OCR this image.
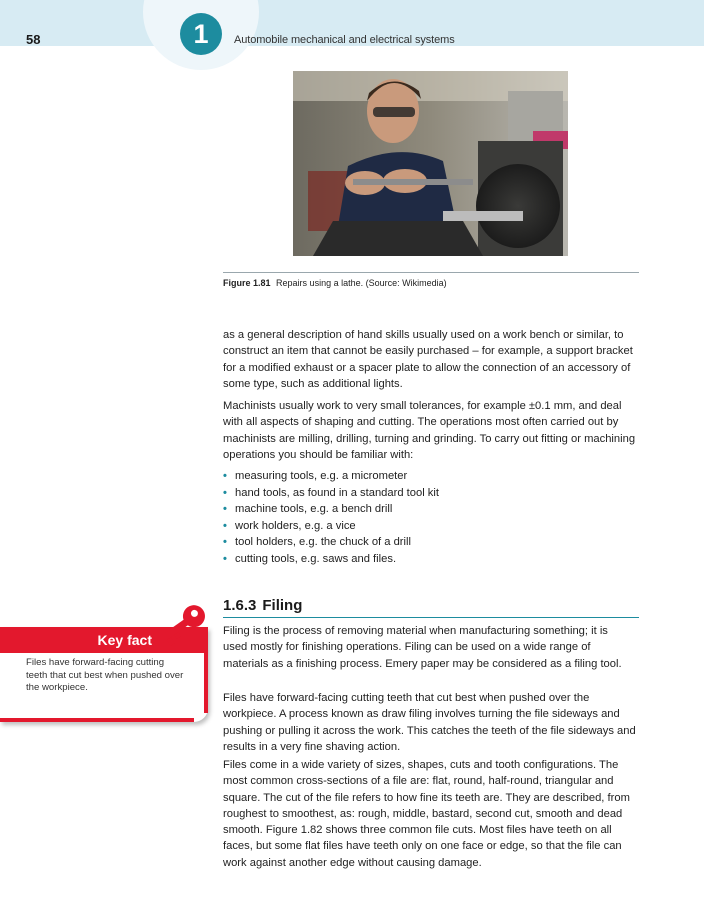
58	1	Automobile mechanical and electrical systems
Figure 1.81 Repairs using a lathe. (Source: Wikimedia)

as a general description of hand skills usually used on a work bench or similar, to construct an item that cannot be easily purchased – for example, a support bracket for a modified exhaust or a spacer plate to allow the connection of an accessory of some type, such as additional lights.

Machinists usually work to very small tolerances, for example ±0.1 mm, and deal with all aspects of shaping and cutting. The operations most often carried out by machinists are milling, drilling, turning and grinding. To carry out fitting or machining operations you should be familiar with:

• measuring tools, e.g. a micrometer
• hand tools, as found in a standard tool kit
• machine tools, e.g. a bench drill
• work holders, e.g. a vice
• tool holders, e.g. the chuck of a drill
• cutting tools, e.g. saws and files.
1.6.3 Filing
Key fact
Files have forward-facing cutting teeth that cut best when pushed over the workpiece.

Filing is the process of removing material when manufacturing something; it is used mostly for finishing operations. Filing can be used on a wide range of materials as a finishing process. Emery paper may be considered as a filing tool.

Files have forward-facing cutting teeth that cut best when pushed over the workpiece. A process known as draw filing involves turning the file sideways and pushing or pulling it across the work. This catches the teeth of the file sideways and results in a very fine shaving action.

Files come in a wide variety of sizes, shapes, cuts and tooth configurations. The most common cross-sections of a file are: flat, round, half-round, triangular and square. The cut of the file refers to how fine its teeth are. They are described, from roughest to smoothest, as: rough, middle, bastard, second cut, smooth and dead smooth. Figure 1.82 shows three common file cuts. Most files have teeth on all faces, but some flat files have teeth only on one face or edge, so that the file can work against another edge without causing damage.
